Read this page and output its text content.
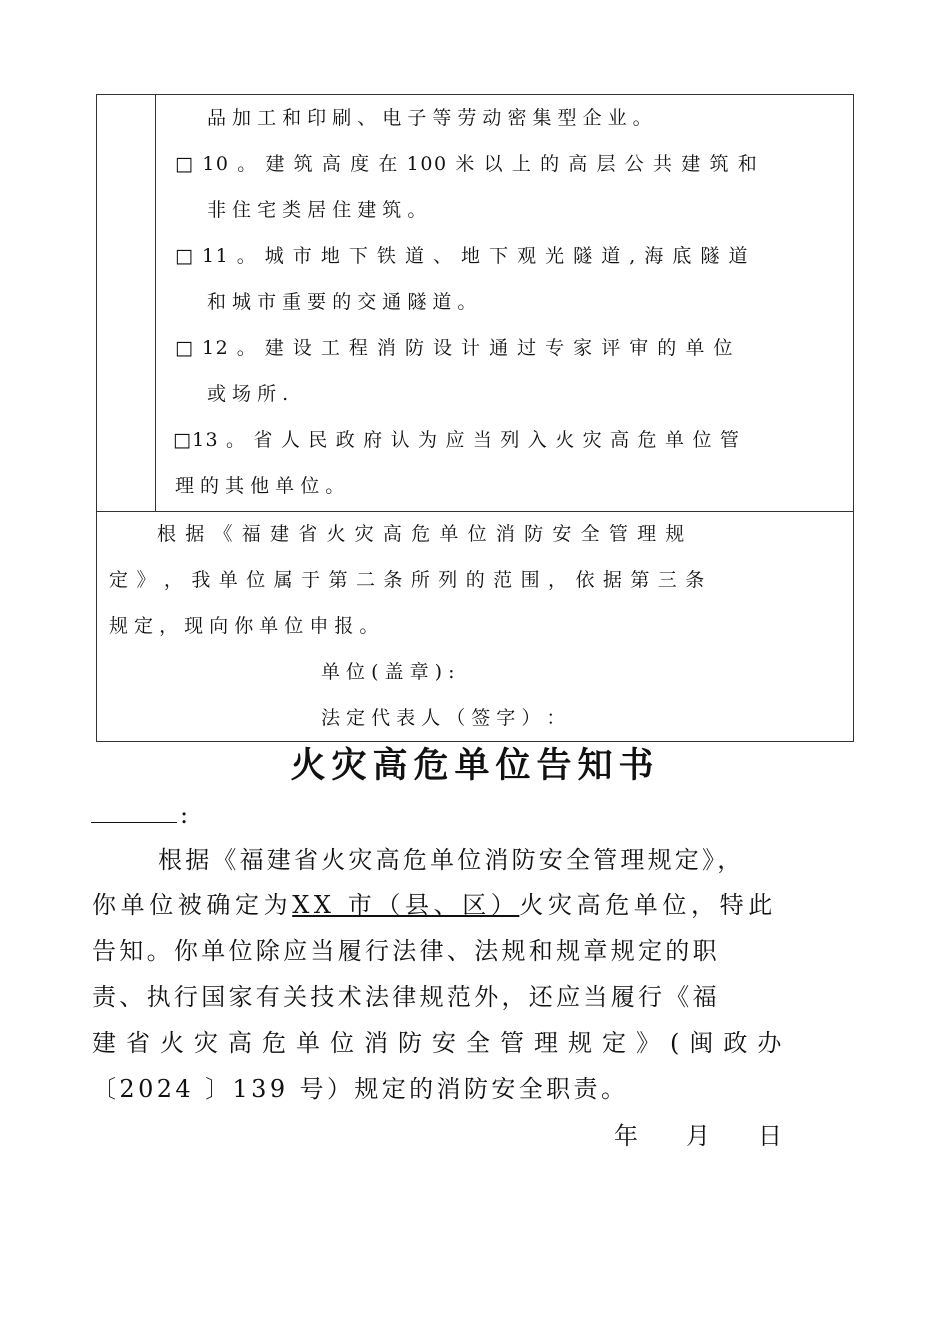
品 加 工 和 印 刷 、 电 子 等 劳 动 密 集 型 企 业 。
□ 10 。 建 筑 高 度 在 100 米 以 上 的 高 层 公 共 建 筑 和
非 住 宅 类 居 住 建 筑 。
□ 11 。 城 市 地 下 铁 道 、 地 下 观 光 隧 道 , 海 底 隧 道
和 城 市 重 要 的 交 通 隧 道 。
□ 12 。 建 设 工 程 消 防 设 计 通 过 专 家 评 审 的 单 位
或 场 所 .
□13 。 省 人 民 政 府 认 为 应 当 列 入 火 灾 高 危 单 位 管
理 的 其 他 单 位 。
根 据 《 福 建 省 火 灾 高 危 单 位 消 防 安 全 管 理 规
定 》 ， 我 单 位 属 于 第 二 条 所 列 的 范 围 ， 依 据 第 三 条
规 定 ， 现 向 你 单 位 申 报 。
单 位 ( 盖 章 ) :
法 定 代 表 人 （ 签 字 ） ：
火灾高危单位告知书
:
根据《福建省火灾高危单位消防安全管理规定》，
你单位被确定为XX 市（县、区）火灾高危单位，特此
告知。你单位除应当履行法律、法规和规章规定的职
责、执行国家有关技术法律规范外，还应当履行《福
建省火灾高危单位消防安全管理规定》(闽政办
〔2024 〕139 号）规定的消防安全职责。
年　　月　　日
